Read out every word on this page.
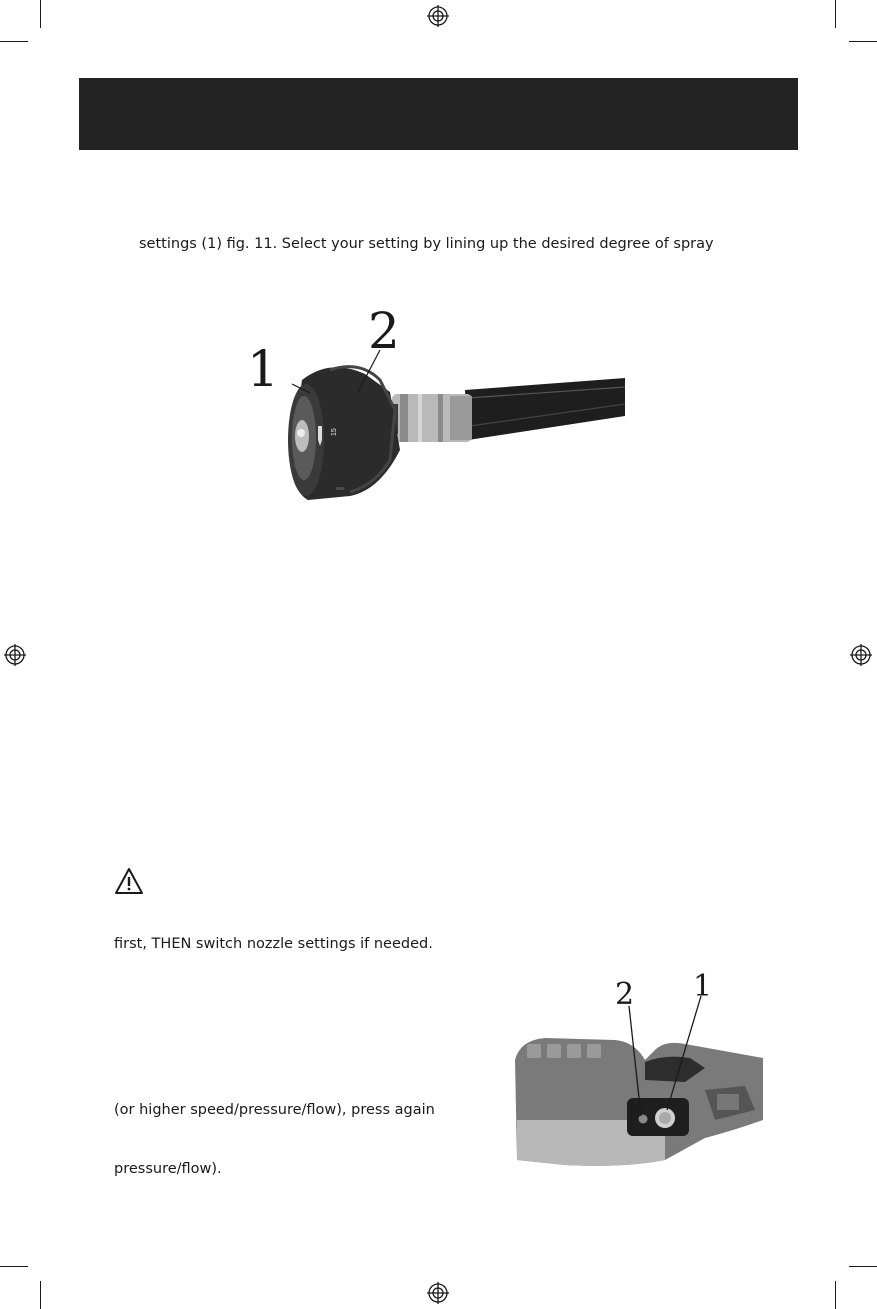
settings (1) fig. 11. Select your setting by lining up the desired degree of spray
15
≡≡≡
1
2
first, THEN switch nozzle settings if needed.
(or higher speed/pressure/flow), press again
pressure/flow).
2 1
